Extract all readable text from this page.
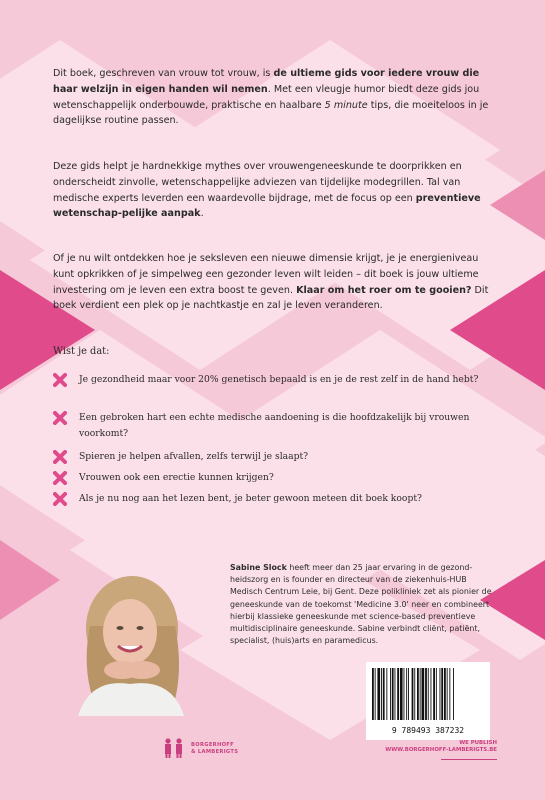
Dit boek, geschreven van vrouw tot vrouw, is de ultieme gids voor iedere vrouw die haar welzijn in eigen handen wil nemen. Met een vleugje humor biedt deze gids jou wetenschappelijk onderbouwde, praktische en haalbare 5 minute tips, die moeiteloos in je dagelijkse routine passen.
Deze gids helpt je hardnekkige mythes over vrouwengeneeskunde te doorprikken en onderscheidt zinvolle, wetenschappelijke adviezen van tijdelijke modegrillen. Tal van medische experts leverden een waardevolle bijdrage, met de focus op een preventieve wetenschap-pelijke aanpak.
Of je nu wilt ontdekken hoe je seksleven een nieuwe dimensie krijgt, je je energieniveau kunt opkrikken of je simpelweg een gezonder leven wilt leiden – dit boek is jouw ultieme investering om je leven een extra boost te geven. Klaar om het roer om te gooien? Dit boek verdient een plek op je nachtkastje en zal je leven veranderen.
Wist je dat:
Je gezondheid maar voor 20% genetisch bepaald is en je de rest zelf in de hand hebt?
Een gebroken hart een echte medische aandoening is die hoofdzakelijk bij vrouwen voorkomt?
Spieren je helpen afvallen, zelfs terwijl je slaapt?
Vrouwen ook een erectie kunnen krijgen?
Als je nu nog aan het lezen bent, je beter gewoon meteen dit boek koopt?
Sabine Slock heeft meer dan 25 jaar ervaring in de gezond-heidszorg en is founder en directeur van de ziekenhuis-HUB Medisch Centrum Leie, bij Gent. Deze polikliniek zet als pionier de geneeskunde van de toekomst 'Medicine 3.0' neer en combineert hierbij klassieke geneeskunde met science-based preventieve multidisciplinaire geneeskunde. Sabine verbindt cliënt, patiënt, specialist, (huis)arts en paramedicus.
9 789493 387232
BORGERHOFF
& LAMBERIGTS
WE PUBLISH
WWW.BORGERHOFF-LAMBERIGTS.BE
